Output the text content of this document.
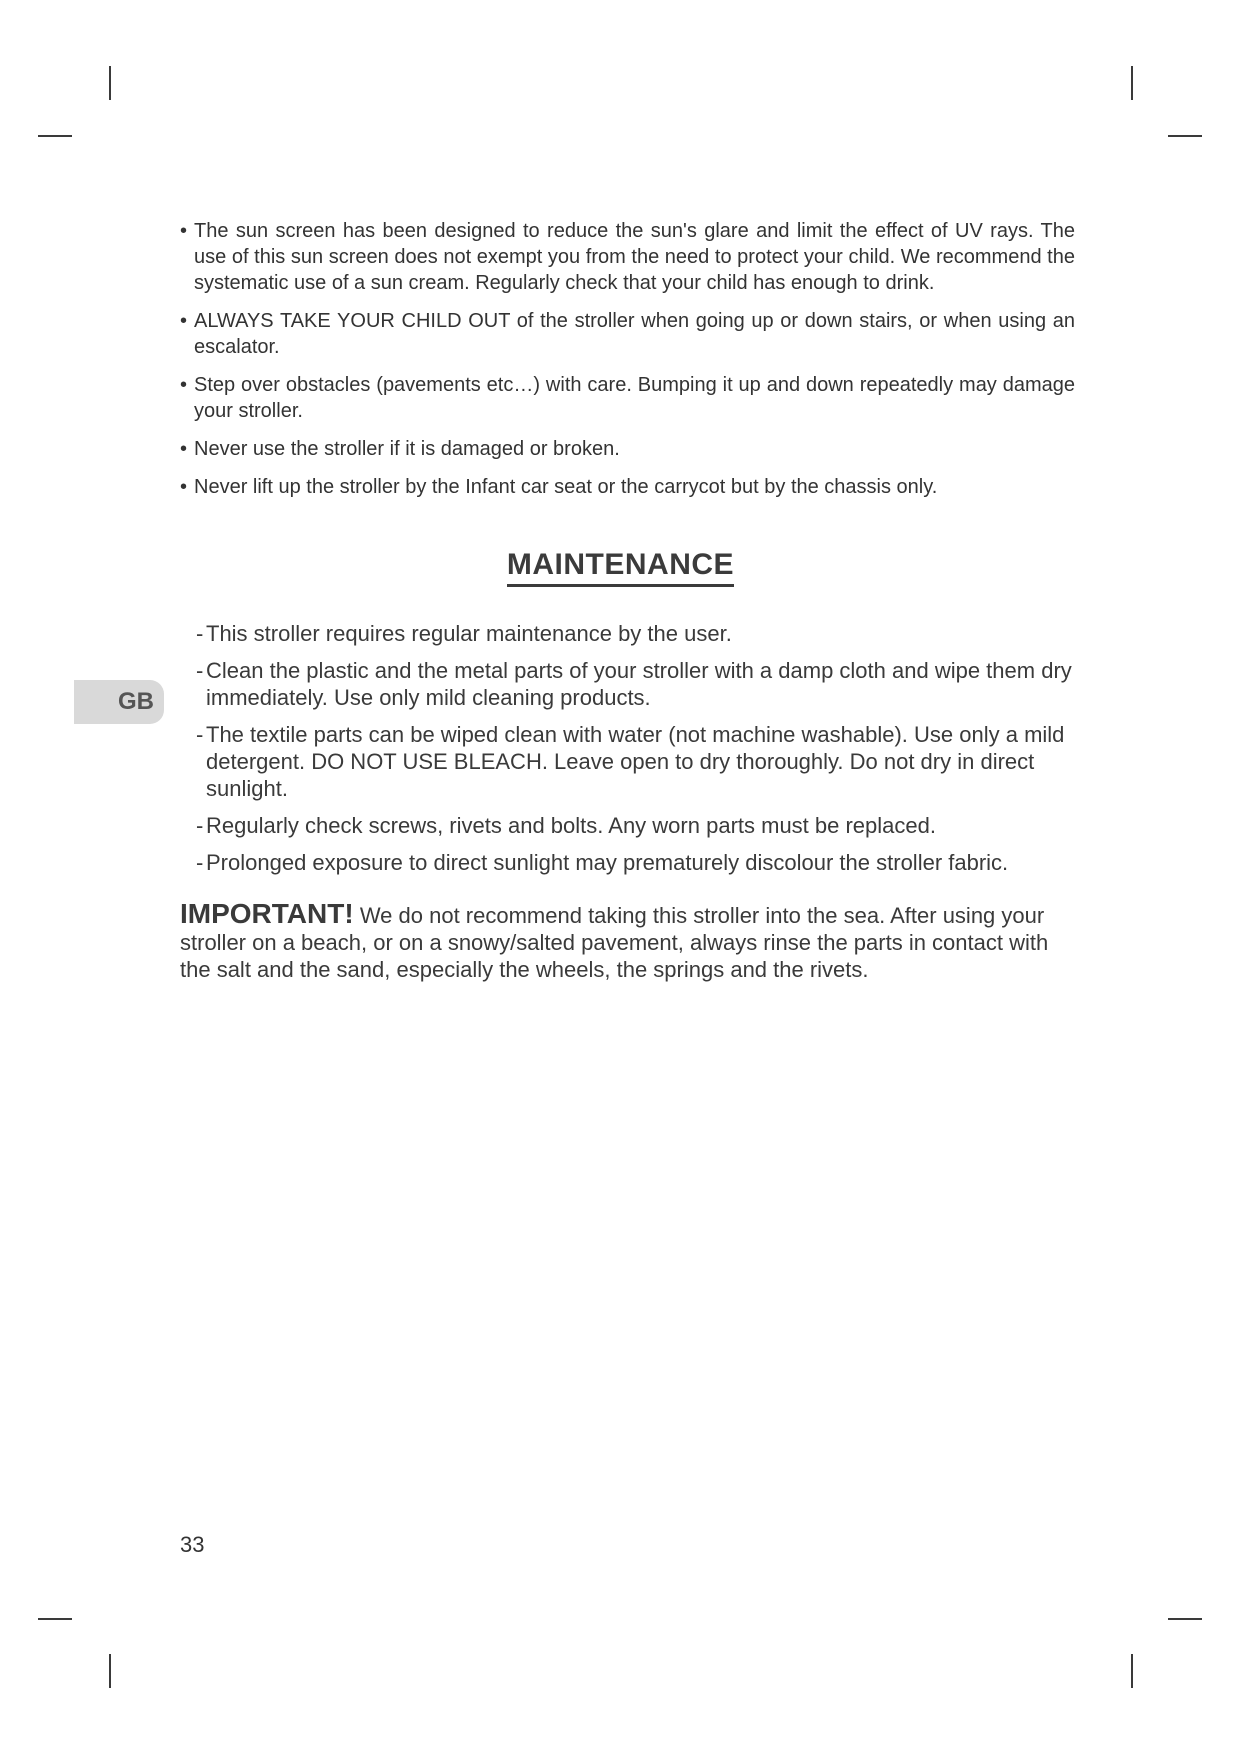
• The sun screen has been designed to reduce the sun's glare and limit the effect of UV rays. The use of this sun screen does not exempt you from the need to protect your child. We recommend the systematic use of a sun cream. Regularly check that your child has enough to drink.
• ALWAYS TAKE YOUR CHILD OUT of the stroller when going up or down stairs, or when using an escalator.
• Step over obstacles (pavements etc…) with care. Bumping it up and down repeatedly may damage your stroller.
• Never use the stroller if it is damaged or broken.
• Never lift up the stroller by the Infant car seat or the carrycot but by the chassis only.
MAINTENANCE
GB
- This stroller requires regular maintenance by the user.
- Clean the plastic and the metal parts of your stroller with a damp cloth and wipe them dry immediately. Use only mild cleaning products.
- The textile parts can be wiped clean with water (not machine washable). Use only a mild detergent. DO NOT USE BLEACH. Leave open to dry thoroughly. Do not dry in direct sunlight.
- Regularly check screws, rivets and bolts. Any worn parts must be replaced.
- Prolonged exposure to direct sunlight may prematurely discolour the stroller fabric.

IMPORTANT! We do not recommend taking this stroller into the sea. After using your stroller on a beach, or on a snowy/salted pavement, always rinse the parts in contact with the salt and the sand, especially the wheels, the springs and the rivets.

33
